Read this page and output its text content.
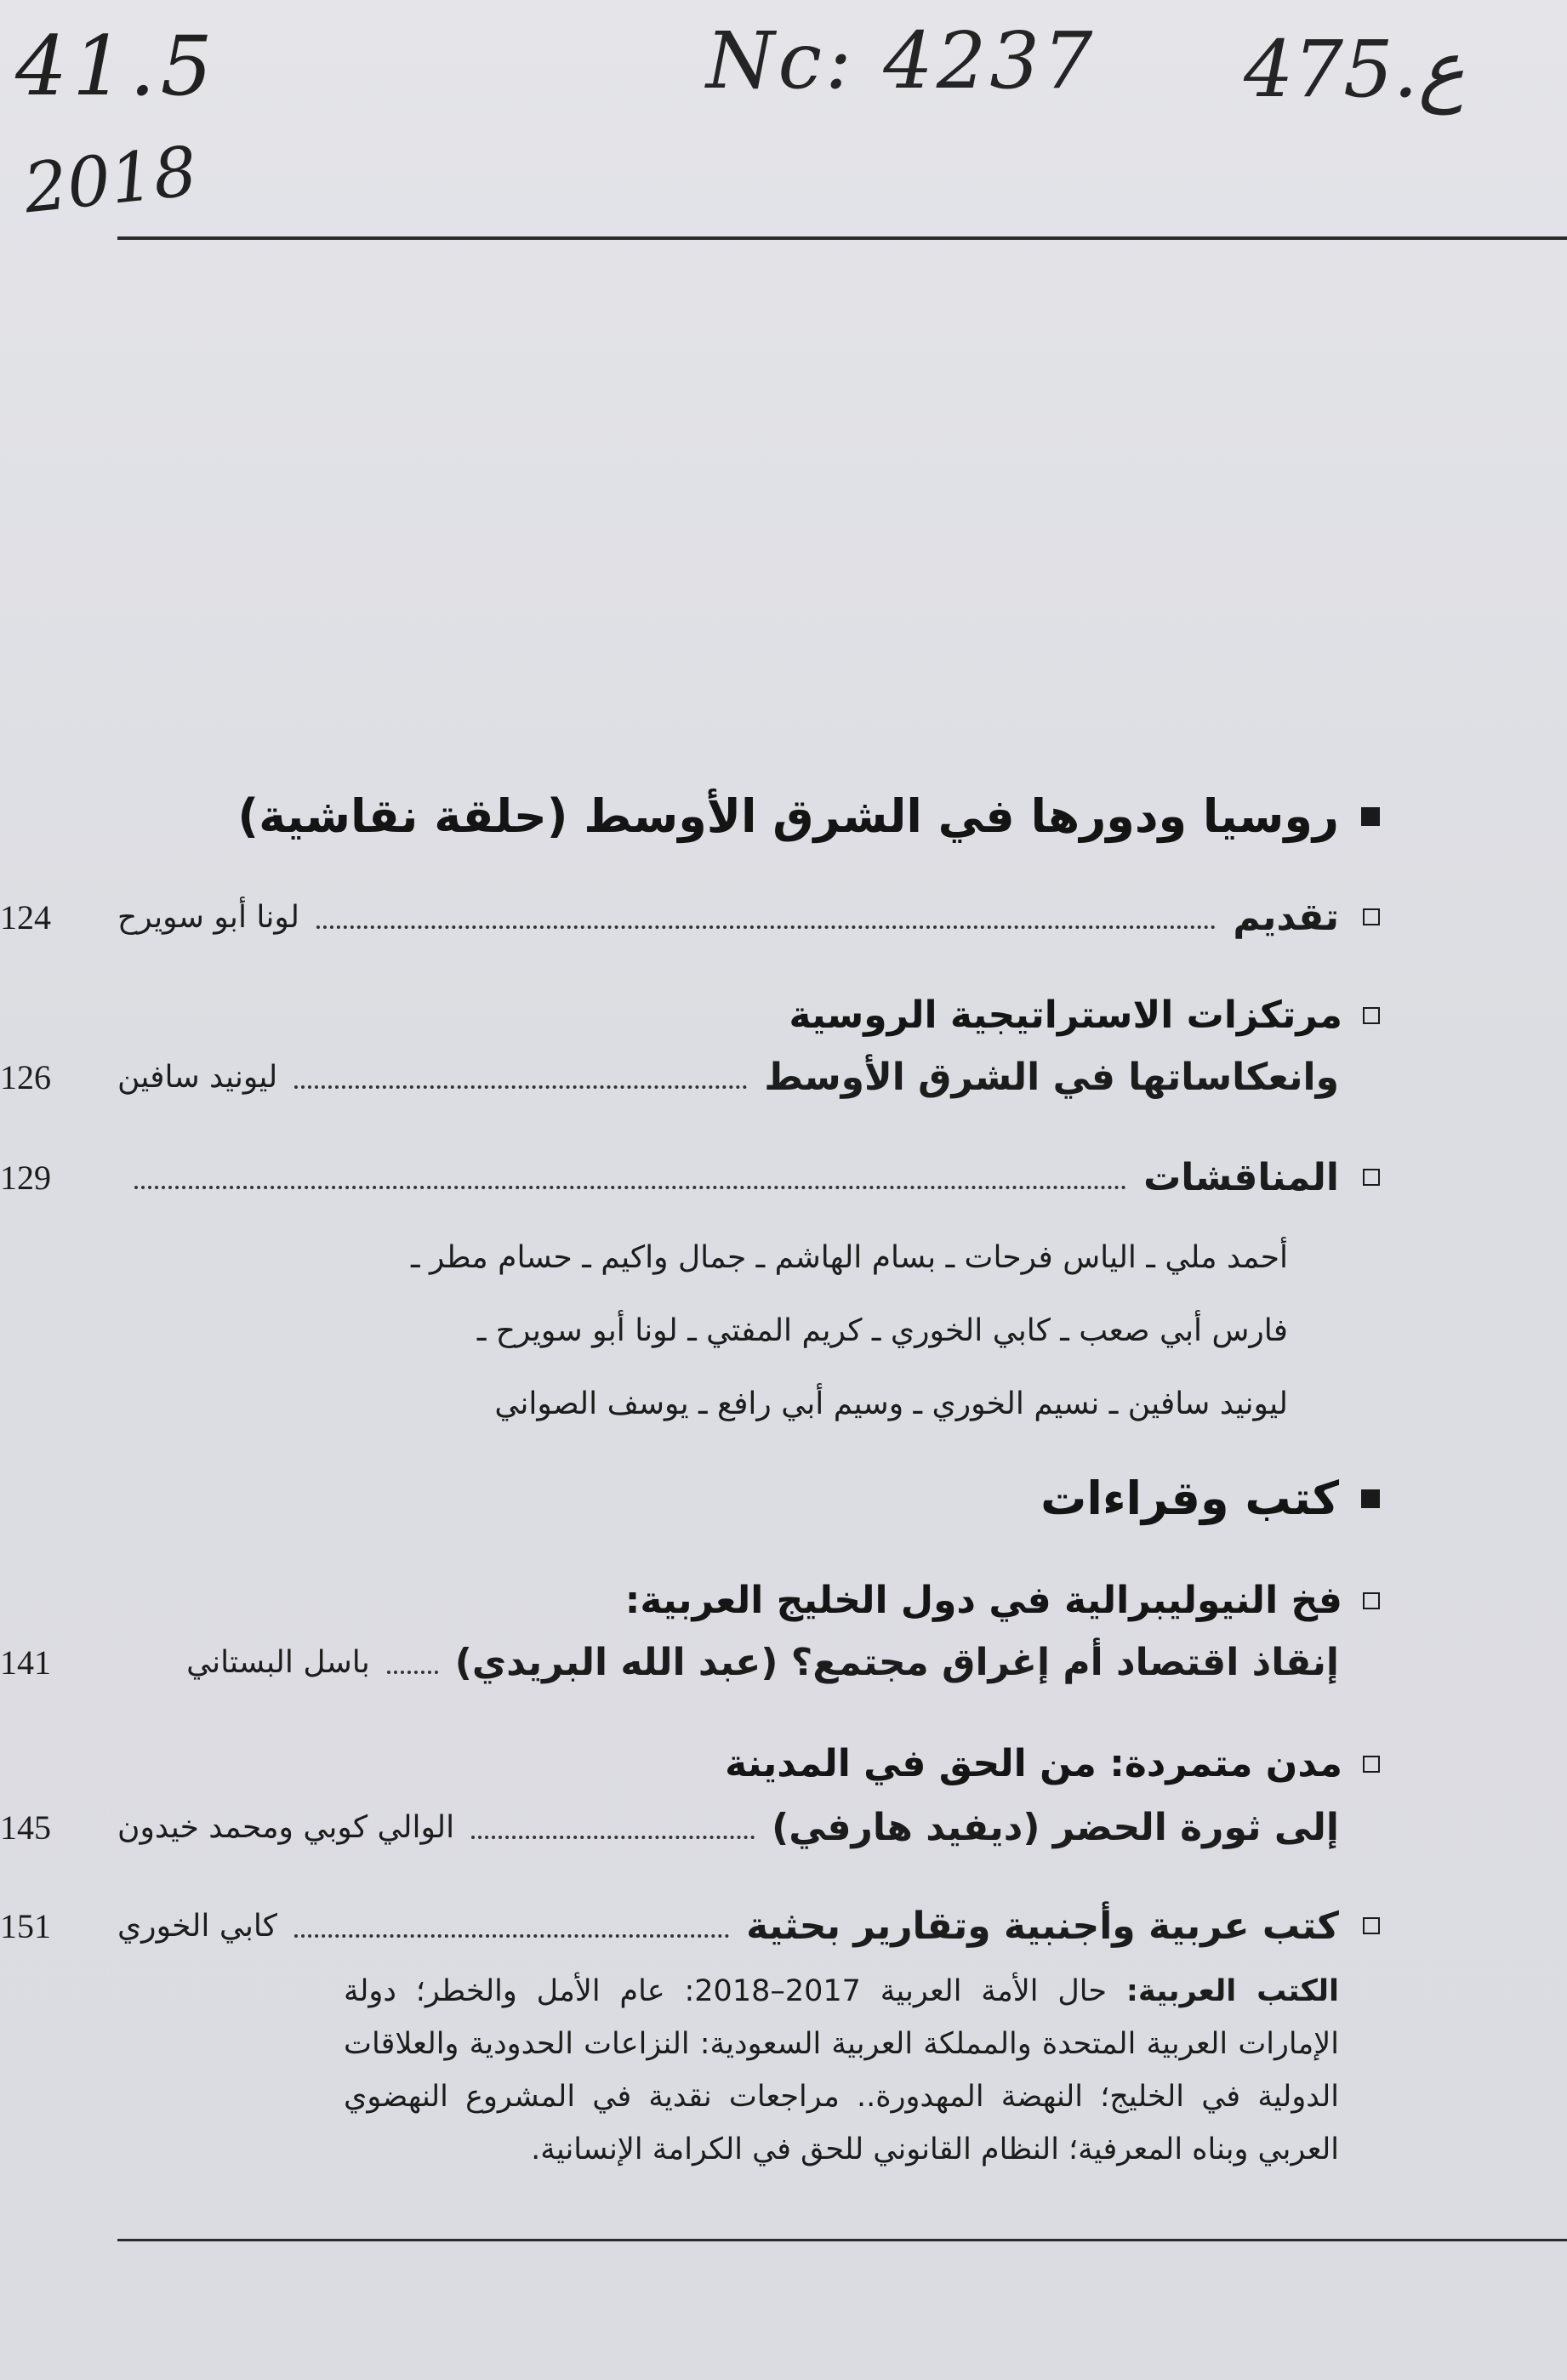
41.5
2018
Nc: 4237 475.ع
روسيا ودورها في الشرق الأوسط (حلقة نقاشية)
تقديم
لونا أبو سويرح
124
مرتكزات الاستراتيجية الروسية
وانعكاساتها في الشرق الأوسط
ليونيد سافين
126
المناقشات
129
أحمد ملي ـ الياس فرحات ـ بسام الهاشم ـ جمال واكيم ـ حسام مطر ـ
فارس أبي صعب ـ كابي الخوري ـ كريم المفتي ـ لونا أبو سويرح ـ
ليونيد سافين ـ نسيم الخوري ـ وسيم أبي رافع ـ يوسف الصواني
كتب وقراءات
فخ النيوليبرالية في دول الخليج العربية:
إنقاذ اقتصاد أم إغراق مجتمع؟ (عبد الله البريدي)
باسل البستاني
141
مدن متمردة: من الحق في المدينة
إلى ثورة الحضر (ديفيد هارفي)
الوالي كوبي ومحمد خيدون
145
كتب عربية وأجنبية وتقارير بحثية
كابي الخوري
151
الكتب العربية: حال الأمة العربية 2017–2018: عام الأمل والخطر؛ دولة الإمارات العربية المتحدة والمملكة العربية السعودية: النزاعات الحدودية والعلاقات الدولية في الخليج؛ النهضة المهدورة.. مراجعات نقدية في المشروع النهضوي العربي وبناه المعرفية؛ النظام القانوني للحق في الكرامة الإنسانية.
